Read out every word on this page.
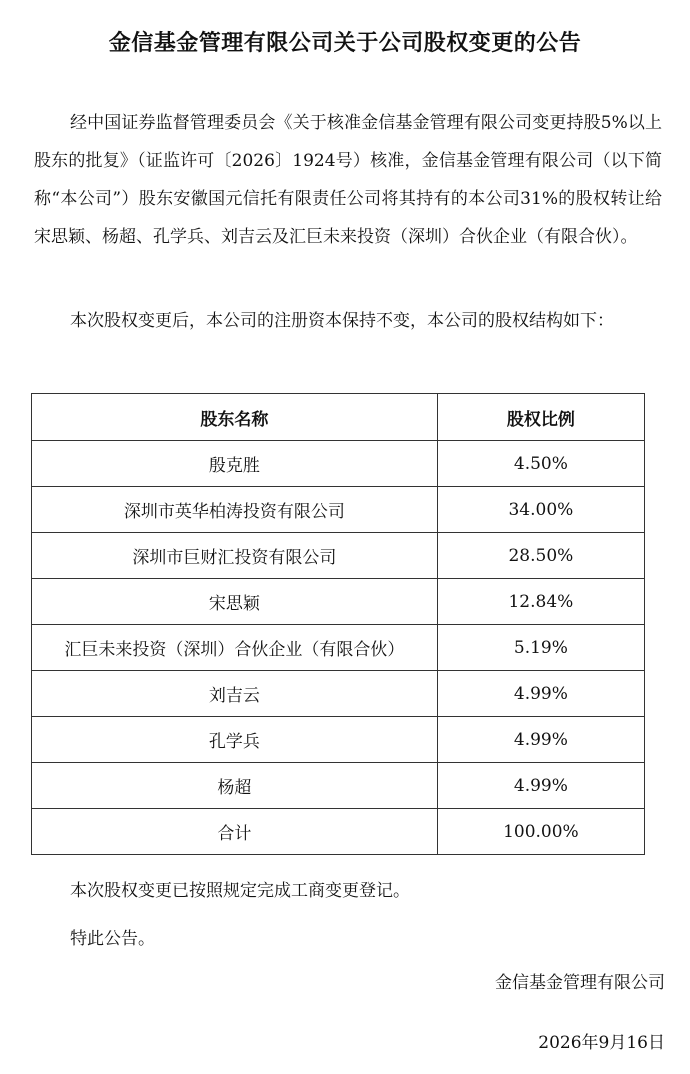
金信基金管理有限公司关于公司股权变更的公告
经中国证券监督管理委员会《关于核准金信基金管理有限公司变更持股5%以上股东的批复》（证监许可〔2026〕1924号）核准，金信基金管理有限公司（以下简称“本公司”）股东安徽国元信托有限责任公司将其持有的本公司31%的股权转让给宋思颖、杨超、孔学兵、刘吉云及汇巨未来投资（深圳）合伙企业（有限合伙）。
本次股权变更后，本公司的注册资本保持不变，本公司的股权结构如下：
股东名称	股权比例
殷克胜	4.50%
深圳市英华柏涛投资有限公司	34.00%
深圳市巨财汇投资有限公司	28.50%
宋思颖	12.84%
汇巨未来投资（深圳）合伙企业（有限合伙）	5.19%
刘吉云	4.99%
孔学兵	4.99%
杨超	4.99%
合计	100.00%
本次股权变更已按照规定完成工商变更登记。
特此公告。
金信基金管理有限公司
2026年9月16日
